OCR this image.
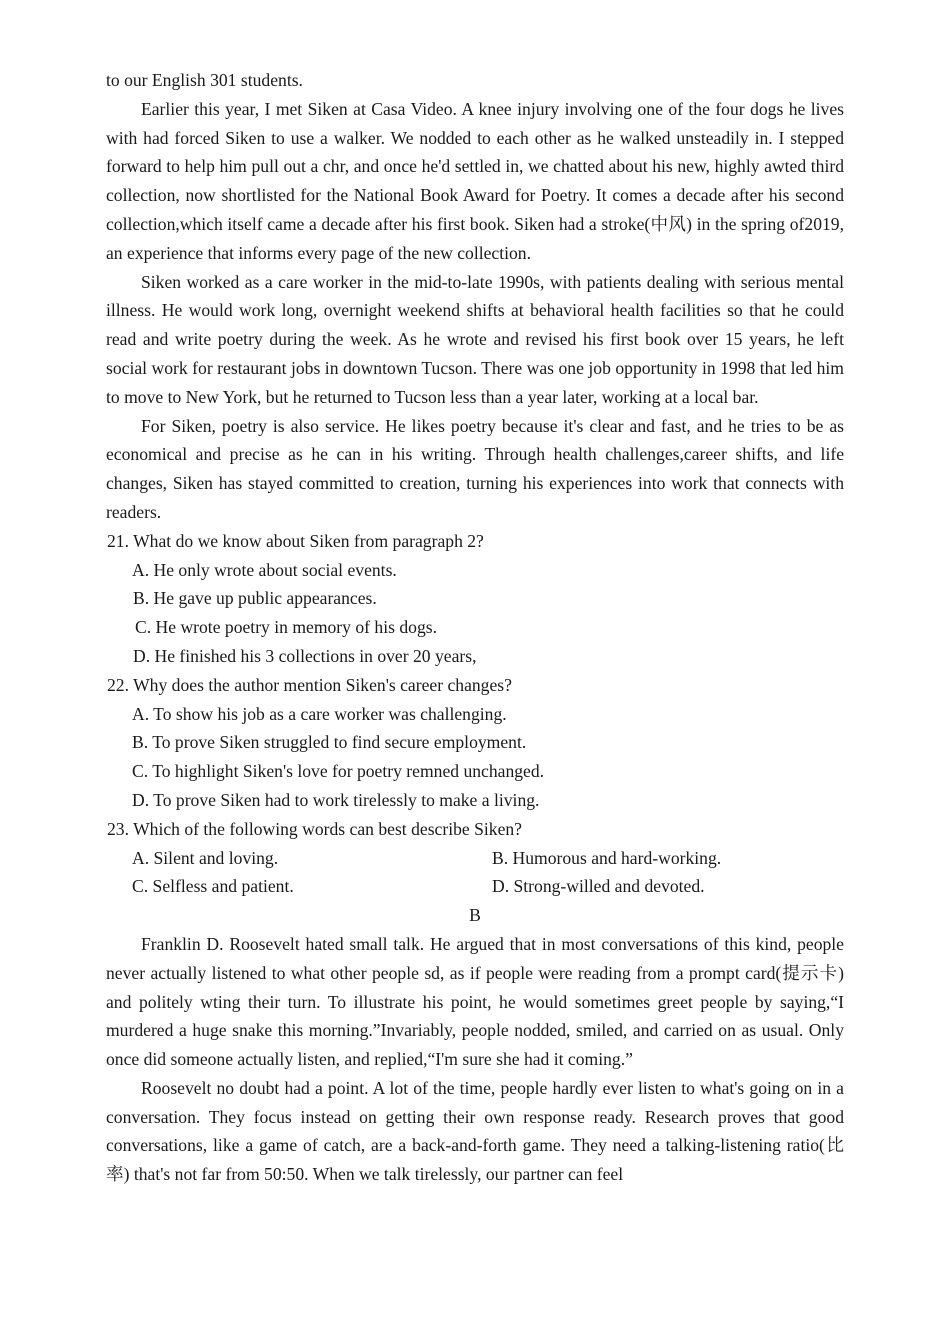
to our English 301 students.

Earlier this year, I met Siken at Casa Video. A knee injury involving one of the four dogs he lives with had forced Siken to use a walker. We nodded to each other as he walked unsteadily in. I stepped forward to help him pull out a chr, and once he'd settled in, we chatted about his new, highly awted third collection, now shortlisted for the National Book Award for Poetry. It comes a decade after his second collection,which itself came a decade after his first book. Siken had a stroke(中风) in the spring of2019, an experience that informs every page of the new collection.

Siken worked as a care worker in the mid-to-late 1990s, with patients dealing with serious mental illness. He would work long, overnight weekend shifts at behavioral health facilities so that he could read and write poetry during the week. As he wrote and revised his first book over 15 years, he left social work for restaurant jobs in downtown Tucson. There was one job opportunity in 1998 that led him to move to New York, but he returned to Tucson less than a year later, working at a local bar.

For Siken, poetry is also service. He likes poetry because it's clear and fast, and he tries to be as economical and precise as he can in his writing. Through health challenges,career shifts, and life changes, Siken has stayed committed to creation, turning his experiences into work that connects with readers.

21. What do we know about Siken from paragraph 2?

A. He only wrote about social events.

B. He gave up public appearances.

C. He wrote poetry in memory of his dogs.

D. He finished his 3 collections in over 20 years,

22. Why does the author mention Siken's career changes?

A. To show his job as a care worker was challenging.

B. To prove Siken struggled to find secure employment.

C. To highlight Siken's love for poetry remned unchanged.

D. To prove Siken had to work tirelessly to make a living.

23. Which of the following words can best describe Siken?

A. Silent and loving.	B. Humorous and hard-working.
C. Selfless and patient.	D. Strong-willed and devoted.

B

Franklin D. Roosevelt hated small talk. He argued that in most conversations of this kind, people never actually listened to what other people sd, as if people were reading from a prompt card(提示卡) and politely wting their turn. To illustrate his point, he would sometimes greet people by saying,“I murdered a huge snake this morning.”Invariably, people nodded, smiled, and carried on as usual. Only once did someone actually listen, and replied,“I'm sure she had it coming.”

Roosevelt no doubt had a point. A lot of the time, people hardly ever listen to what's going on in a conversation. They focus instead on getting their own response ready. Research proves that good conversations, like a game of catch, are a back-and-forth game. They need a talking-listening ratio(比率) that's not far from 50:50. When we talk tirelessly, our partner can feel
